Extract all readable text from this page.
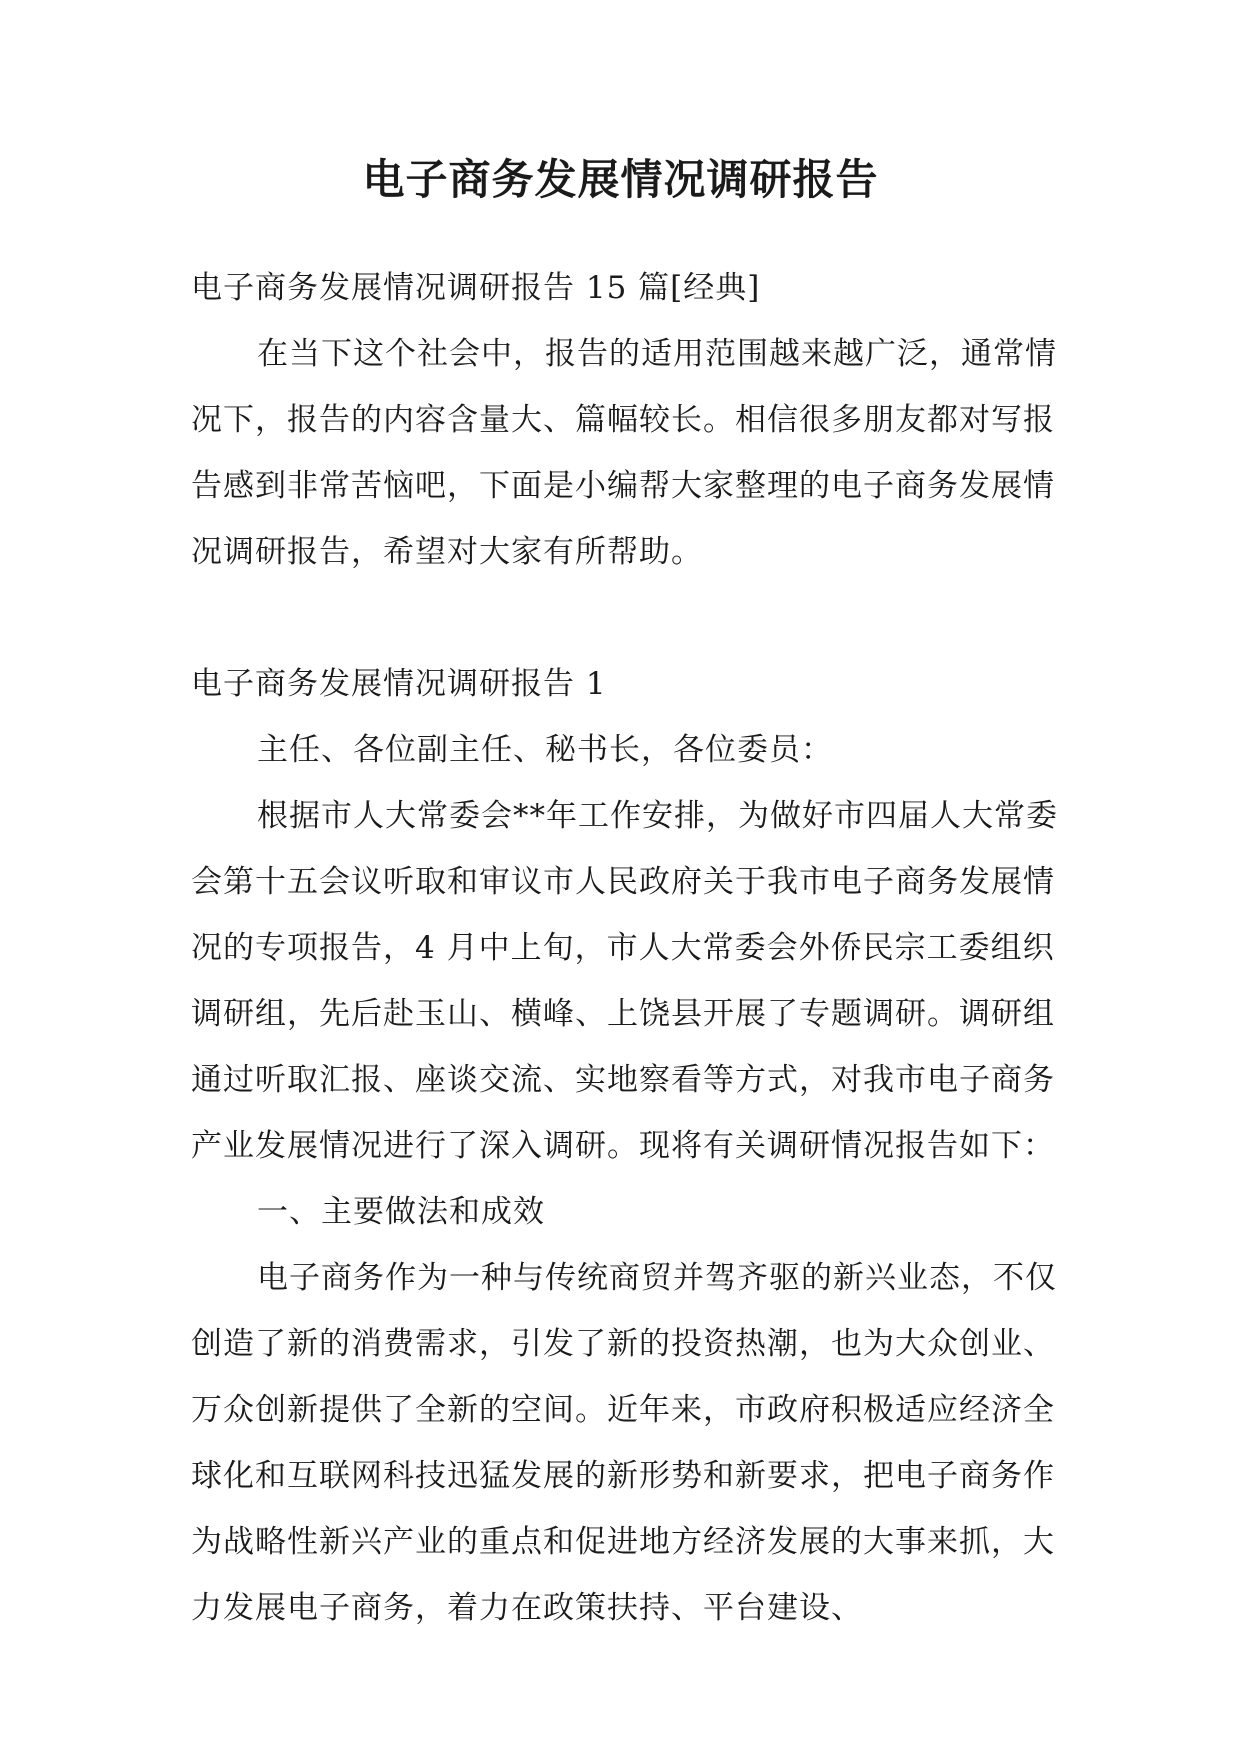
电子商务发展情况调研报告

电子商务发展情况调研报告 15 篇[经典]

在当下这个社会中，报告的适用范围越来越广泛，通常情况下，报告的内容含量大、篇幅较长。相信很多朋友都对写报告感到非常苦恼吧，下面是小编帮大家整理的电子商务发展情况调研报告，希望对大家有所帮助。

电子商务发展情况调研报告 1

主任、各位副主任、秘书长，各位委员：

根据市人大常委会**年工作安排，为做好市四届人大常委会第十五会议听取和审议市人民政府关于我市电子商务发展情况的专项报告，4 月中上旬，市人大常委会外侨民宗工委组织调研组，先后赴玉山、横峰、上饶县开展了专题调研。调研组通过听取汇报、座谈交流、实地察看等方式，对我市电子商务产业发展情况进行了深入调研。现将有关调研情况报告如下：

一、主要做法和成效

电子商务作为一种与传统商贸并驾齐驱的新兴业态，不仅创造了新的消费需求，引发了新的投资热潮，也为大众创业、万众创新提供了全新的空间。近年来，市政府积极适应经济全球化和互联网科技迅猛发展的新形势和新要求，把电子商务作为战略性新兴产业的重点和促进地方经济发展的大事来抓，大力发展电子商务，着力在政策扶持、平台建设、
